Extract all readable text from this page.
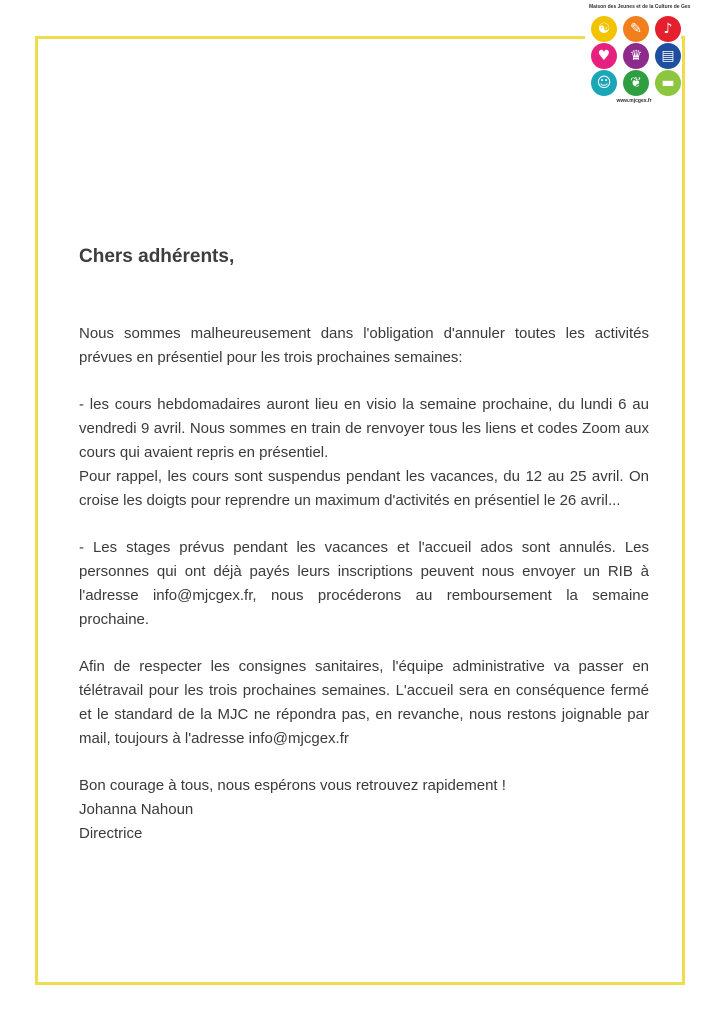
Maison des Jeunes et de la Culture de Gex
☯	✎	♪
♥	♛	▤
☺	❦	▬
www.mjcgex.fr

Chers adhérents,

Nous sommes malheureusement dans l'obligation d'annuler toutes les activités prévues en présentiel pour les trois prochaines semaines:

- les cours hebdomadaires auront lieu en visio la semaine prochaine, du lundi 6 au vendredi 9 avril. Nous sommes en train de renvoyer tous les liens et codes Zoom aux cours qui avaient repris en présentiel.
Pour rappel, les cours sont suspendus pendant les vacances, du 12 au 25 avril. On croise les doigts pour reprendre un maximum d'activités en présentiel le 26 avril...

- Les stages prévus pendant les vacances et l'accueil ados sont annulés. Les personnes qui ont déjà payés leurs inscriptions peuvent nous envoyer un RIB à l'adresse info@mjcgex.fr, nous procéderons au remboursement la semaine prochaine.

Afin de respecter les consignes sanitaires, l'équipe administrative va passer en télétravail pour les trois prochaines semaines. L'accueil sera en conséquence fermé et le standard de la MJC ne répondra pas, en revanche, nous restons joignable par mail, toujours à l'adresse info@mjcgex.fr

Bon courage à tous, nous espérons vous retrouvez rapidement !
Johanna Nahoun
Directrice
